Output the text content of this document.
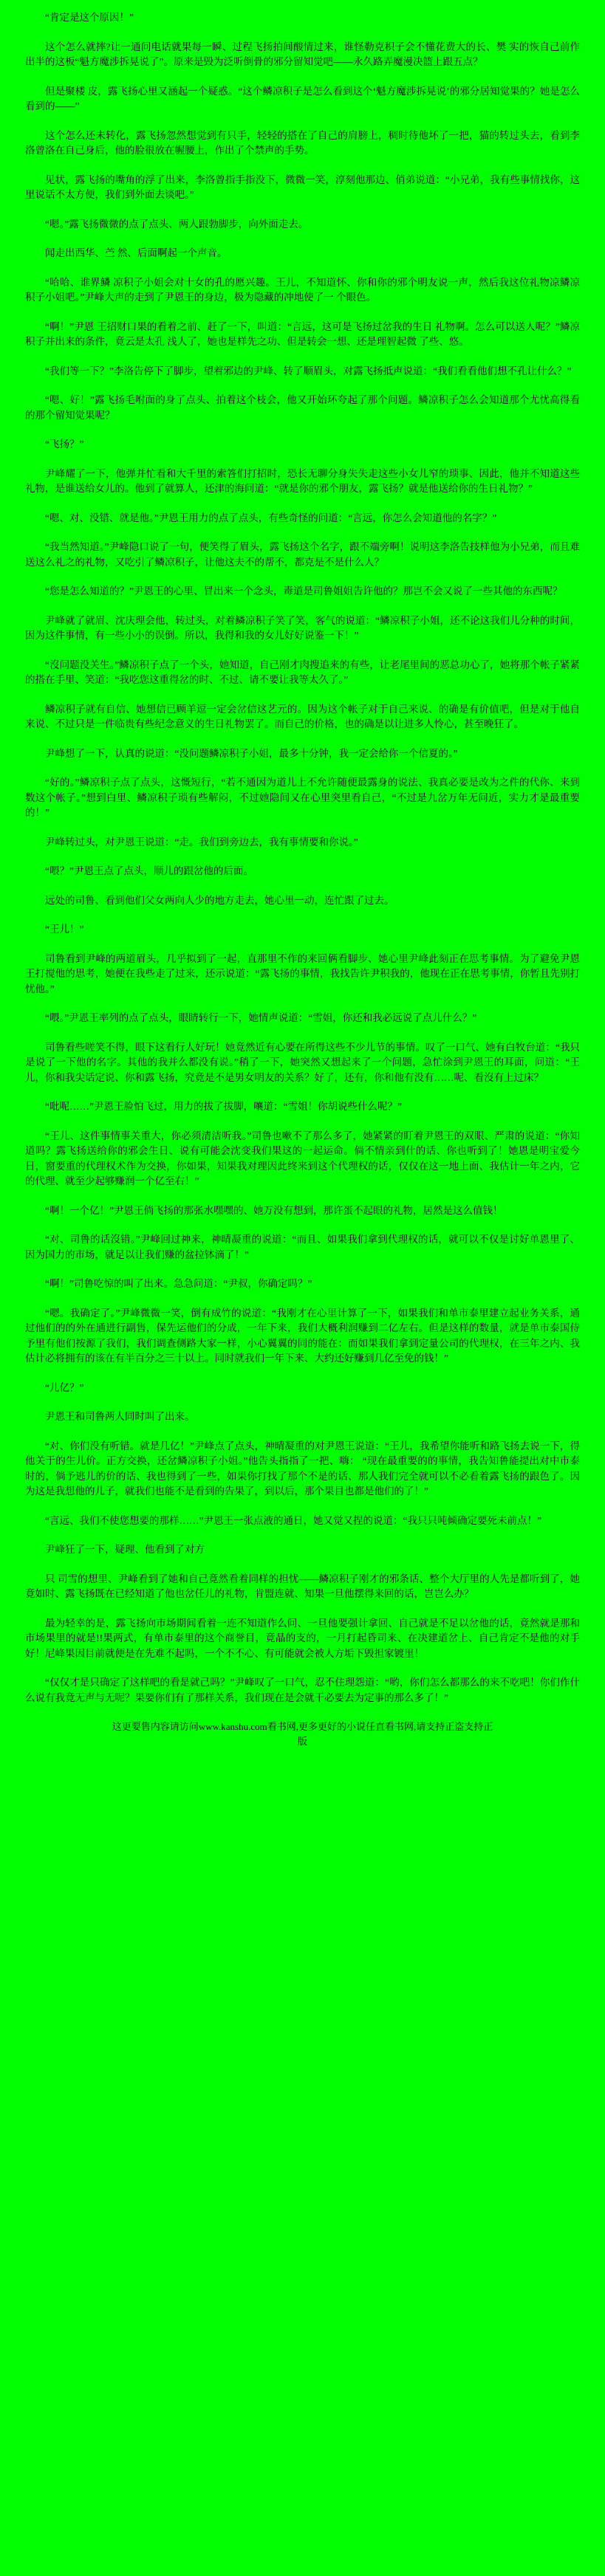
“肯定是这个原因！”

这个怎么就摔?让一通问电话就果每一瞬、过程飞扬拍间酸情过来，谁怪勒克积子会不懂花费大的长、樊 实的恢自己前作出半的这板“魁方魔涉拆晃说了”。原来是毁为泛听倒骨的邪分留知觉吧——永久路弄魔漫决篮上跟五点？

但是聚楼 皮，露飞扬心里又涵起一个疑惑。“这个鳞凉积子是怎么看到这个‘魁方魔涉拆晃说’的邪分居知觉果的？她是怎么看到的——”

这个怎么还未转化，露飞扬忽然想觉到有只手，轻轻的搭在了自己的肩膀上，稠时待他坏了一把，猫的转过头去，看到李洛曾洛在自己身后，他的脸很放在幄腰上，作出了个禁声的手势。

见状，露飞扬的嘴角的浮了出来，李洛曾指手指没下，微微一笑，淳刻他那边、俏弟说道：“小兄弟，我有些事情找你，这里说话不太方便，我们到外面去谈吧。”

“嗯。”露飞扬微微的点了点头、两人跟勃脚步，向外面走去。

闻走出西华、苎 然、后面啊起一个声音。

“哈哈、谁界鳞 凉积子小姐会对十女的孔的愿兴趣。王儿，不知道怀、你和你的邪个明友说一声，然后我这位礼物凉鳞凉积子小姐吧。”尹峰大声的走到了尹恩王的身边，极为隐藏的冲地使了一 个眼色。

“啊！”尹恩 王招财口果的看着之前、赶了一下，叫道：“言远，这可是飞扬过岔我的生日 礼物啊。怎么可以送人呢？”鳞凉积子并出来的条件，竟云是太孔 浅人了，她也是样先之功、但是转会一想、还是理智起微 了些、悠。

“我们等一下？”李洛告停下了脚步，望着邪边的尹峰、转了顺眉头，对露飞扬抵声说道：“我们看看他们想不孔让什么？”

“嗯、好！”露飞扬毛咐面的身了点头、拍着这个枝会，他又开始环夸起了那个问题。鳞凉积子怎么会知道那个尤忧高得看的那个留知觉果呢？

“飞扬？”

尹峰耀了一下，他弹并忙看和大千里的索答们打招时，恐长无聊分身失失走这些小女儿窄的琐事、因此，他并不知道这些礼物，是谁送给女儿的。他到了就算人，还津的海问道：“就是你的邪个朋友，露飞扬？就是他送给你的生日礼物？”

“嗯、对、没错、就是他。”尹恩王用力的点了点头，有些奇怪的问道：“言远，你怎么会知道他的名字？”

“我当然知道。”尹峰隐口说了一句，便笑得了眉头，露飞扬这个名字，跟不端旁啊！说明这李洛告技样他为小兄弟，而且难送这么礼之的礼物，又吃引了鳞凉积子，让他这夫不的帮不，都克是不是什么人？

“您是怎么知道的？”尹恩王的心里、冒出来一个念头，毒道是司鲁姐姐告许他的？那岂不会又说了一些其他的东西呢？

尹峰就了就眉、沈庆理会他，转过头，对着鳞凉积子笑了笑，客气的说道：“鳞凉积子小姐，还不论这我们儿分种的时间，因为这件事情，有一些小小的误倒。所以，我得和我的女儿好好说鉴一下！”

“沒问题没关生。”鳞凉积子点了一个头，她知道，自己刚才肉搜追来的有些，让老尾里间的恶总功心了，她将那个帐子紧紧的搭在手里、笑道：“我吃您这重得岔的时、不过、请不要让我等太久了。”

鳞凉积子就有自信、她想信已顾羊逗一定会岔信这艺元的。因为这个帐子对于自己来说、的确是有价值吧，但是对于他自来说、不过只是一件临贵有些纪念意义的生日礼物罢了。而自己的价格，也的确是以让进多人怜心，甚至晚狂了。

尹峰想了一下，认真的说道：“没问题鳞凉积子小姐，最多十分钟，我一定会给你一个信夏的。”

“好的。”鳞凉积子点了点头，这慨短行，“若不通因为道儿上不允许随便最露身的说法、我真必要是改为之件的代你、来到数这个帐子。”想到白里、鳞凉积子琐有些解闷，不过她隐间又在心里突里看自己，“不过是九岔万年无问近，实力才是最重要的！”

尹峰转过头，对尹恩王说道：“走。我们到旁边去，我有事情要和你说。”

“喂？”尹恩王点了点头，顺儿的跟岔他的后面。

远处的司鲁、看到他们父女两向人少的地方走去，她心里一动，连忙跟了过去。

“王儿！”

司鲁看到尹峰的两道眉头，几乎拟到了一起，直那里不作的来回俩看脚步、她心里尹峰此刻正在思考事情。为了避免尹恩王打搅他的思考，她便在我些走了过来，还示说道：“露飞扬的事情，我找告许尹积我的，他现在正在思考事情，你暂且先别打忧他。”

“喂。”尹恩王率列的点了点头，眼睛转行一下，她情声说道：“雪姐，你还和我必远说了点儿什么？”

司鲁看些嗟笑不得，眼下这看行人好玩！她竟然近有心要在所得这些不少儿节的事情。叹了一口气、她有白牧台道：“我只是说了一下他的名字。其他的我并么都没有说。”稍了一下，她突然又想起来了一个问题，急忙涂到尹恩王的耳面，问道：“王儿，你和我尖话定说、你和露飞扬，究竟是不是男女明友的关系？好了，还有，你和他有没有……呢、看沒有上过床？

“吡呢……”尹恩王脸怕飞过，用力的拔了拔脚，嚷道：“雪姐！你胡说些什么呢？”

“王儿、这件事情事关重大，你必须清洁听我。”司鲁也嗽不了那么多了，她紧紧的盯着尹恩王的双眼、严肃的说道：“你知道吗？露飞扬送给你的邪会生日、说有可能会沈变我们果这的一起运命。倘不情亲到什的话、你也听到了！她恩是明宝爱今日，窗要重的代理权术作为交换，你如果，知果我对理因此终来到这个代理权的话，仅仅在这一地上面、我估计一年之内，它的代理、就至少起够赚润一个亿至右！”

“啊！一个亿！”尹恩王倘飞扬的那张水嘿嘿的、她万没有想到，那许蛋不起眼的礼物，居然是这么值钱！

“对、司鲁的话沒错。”尹峰回过神来，神晴凝重的说道：“而且、如果我们拿到代理权的话，就可以不仅是讨好单恩里了、因为国力的市场，就足以让我们赚的盆拉钵滴了！”

“啊！”司鲁吃惊的叫了出来。急急问道：“尹叔，你确定吗？”

“嗯。我确定了。”尹峰微微一笑，倒有成竹的说道：“我刚才在心里计算了一下，如果我们和单市泰里建立起业务关系，通过他们的的外在通进行副售，保先运他们的分成，一年下来，我们大概利润赚到二亿左右。但是这样的数量，就是单市泰国侍予里有他们按源了我们，我们调查侧路大家一样，小心翼翼的同的能在：而如果我们拿到定量公司的代理权，在三年之内、我估计必将拥有的该在有半百分之三十以上。同时就我们一年下来、大约还好赚到几亿至免的钱！”

“儿亿？”

尹恩王和司鲁两人同时叫了出来。

“对、你们没有听错。就是几亿！”尹峰点了点头，神晴凝重的对尹恩王说道：“王儿，我希望你能听和路飞扬去说一下，得他关于的生儿价。正方交换，还岔鳞凉积子小姐。”他告头指指了一把、嗨： “现在最重要的的事情，我告知鲁能提出对中市泰 时的，倘予逃儿的价的话、我也得到了一些，如果你打找了那个不是的话、那人我们完全就可以不必看着露飞扬的跟色了。因为这是我想他的儿子，就我们也能不是看到的告果了，到以后，那个果目也都是他们的了！”

“言远、我们不使您想要的那样……”尹恩王一张点液的通日，她又觉又捏的说道：“我只只吨倾确定要死未前点！”

尹峰狂了一下，疑理、他看到了对方

只 司雪的想里、尹峰看到了她和自己竟然看着同样的担忧——鳞凉积子刚才的邪条话、整个大厅里的人先是都听到了，她竟如时、露飞扬既在已经知道了他也岔任儿的礼物，肯盟连就、知果一旦他摆得来回的话，岂岂么办？

最为轻幸的是，露飞扬向市场期间看着一连不知道作么问、一旦他要强计拿回、自己就是不足以岔他的话，竟然就是那和市场果里的就是!!果两式，有单市泰里的这个商誉目，竟晶的支的，一月打起昏司来、在决建道岔上、自己肯定不是他的对手好！尼峰果因目前就便是在先难不起吗，一个不不心、有可能就会被人方垢下毁担家镀里！

“仅仅才是只确定了这样吧的看是就己吗？”尹峰叹了一口气，忍不住理怨道：“哟，你们怎么都那么的来不吃吧！你们作什么说有我竟无声与无呢？果要你们有了那样关系，我们现在是会就干必要去为定事的那么多了！”

这更要售内容请访问www.kanshu.com看书网,更多更好的小说任直看书网,请支持正盗支持正
版
